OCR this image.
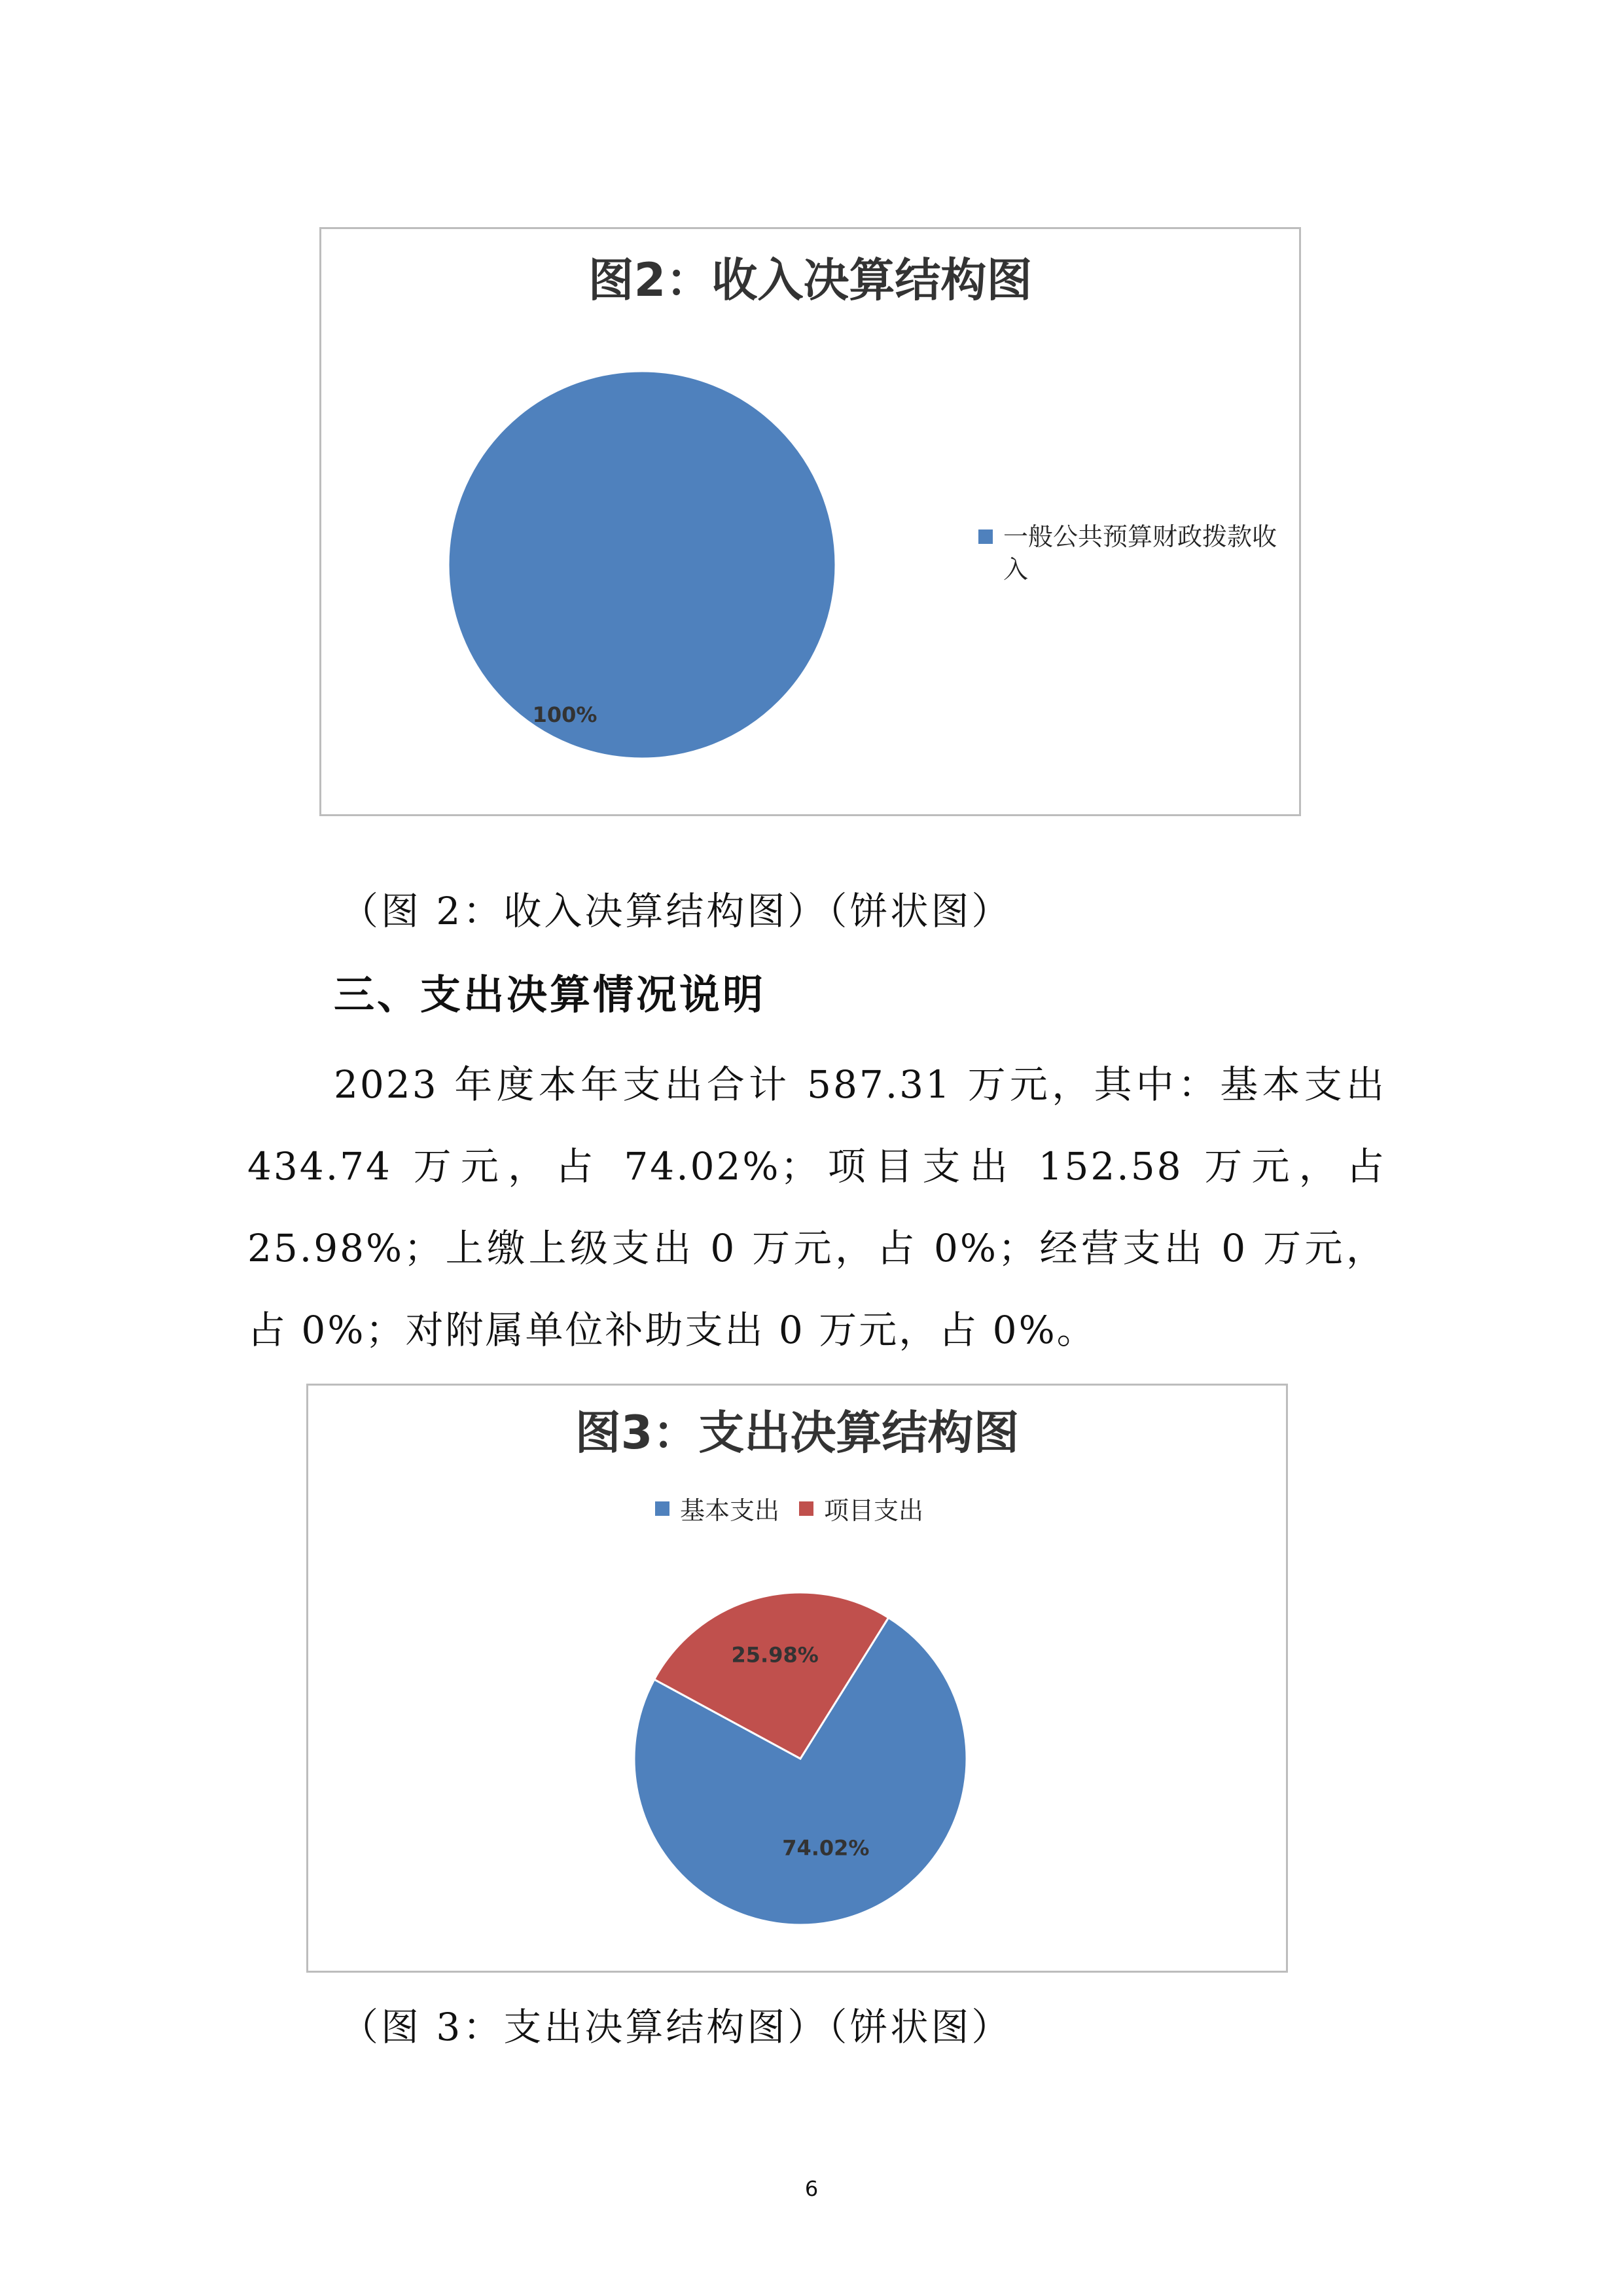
图2：收入决算结构图
100%
一般公共预算财政拨款收入
（图 2：收入决算结构图）（饼状图）
三、支出决算情况说明
2023 年度本年支出合计 587.31 万元，其中：基本支出 434.74 万元，占 74.02%；项目支出 152.58 万元，占 25.98%；上缴上级支出 0 万元，占 0%；经营支出 0 万元，占 0%；对附属单位补助支出 0 万元，占 0%。
图3：支出决算结构图
基本支出 项目支出
74.02%
25.98%
（图 3：支出决算结构图）（饼状图）
6
